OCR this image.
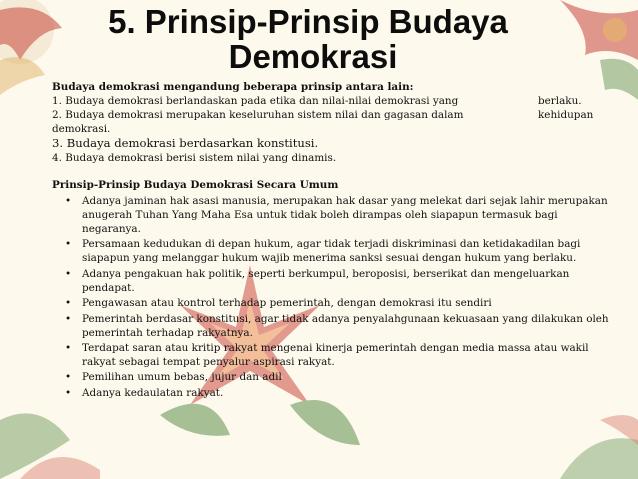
5. Prinsip-Prinsip Budaya
Demokrasi
Budaya demokrasi mengandung beberapa prinsip antara lain:
1. Budaya demokrasi berlandaskan pada etika dan nilai-nilai demokrasi yang	berlaku.
2. Budaya demokrasi merupakan keseluruhan sistem nilai dan gagasan dalam	kehidupan
demokrasi.
3. Budaya demokrasi berdasarkan konstitusi.
4. Budaya demokrasi berisi sistem nilai yang dinamis.
Prinsip-Prinsip Budaya Demokrasi Secara Umum
• Adanya jaminan hak asasi manusia, merupakan hak dasar yang melekat dari sejak lahir merupakan anugerah Tuhan Yang Maha Esa untuk tidak boleh dirampas oleh siapapun termasuk bagi negaranya.
• Persamaan kedudukan di depan hukum, agar tidak terjadi diskriminasi dan ketidakadilan bagi siapapun yang melanggar hukum wajib menerima sanksi sesuai dengan hukum yang berlaku.
• Adanya pengakuan hak politik, seperti berkumpul, beroposisi, berserikat dan mengeluarkan pendapat.
• Pengawasan atau kontrol terhadap pemerintah, dengan demokrasi itu sendiri
• Pemerintah berdasar konstitusi, agar tidak adanya penyalahgunaan kekuasaan yang dilakukan oleh pemerintah terhadap rakyatnya.
• Terdapat saran atau kritip rakyat mengenai kinerja pemerintah dengan media massa atau wakil rakyat sebagai tempat penyalur aspirasi rakyat.
• Pemilihan umum bebas, jujur dan adil
• Adanya kedaulatan rakyat.
